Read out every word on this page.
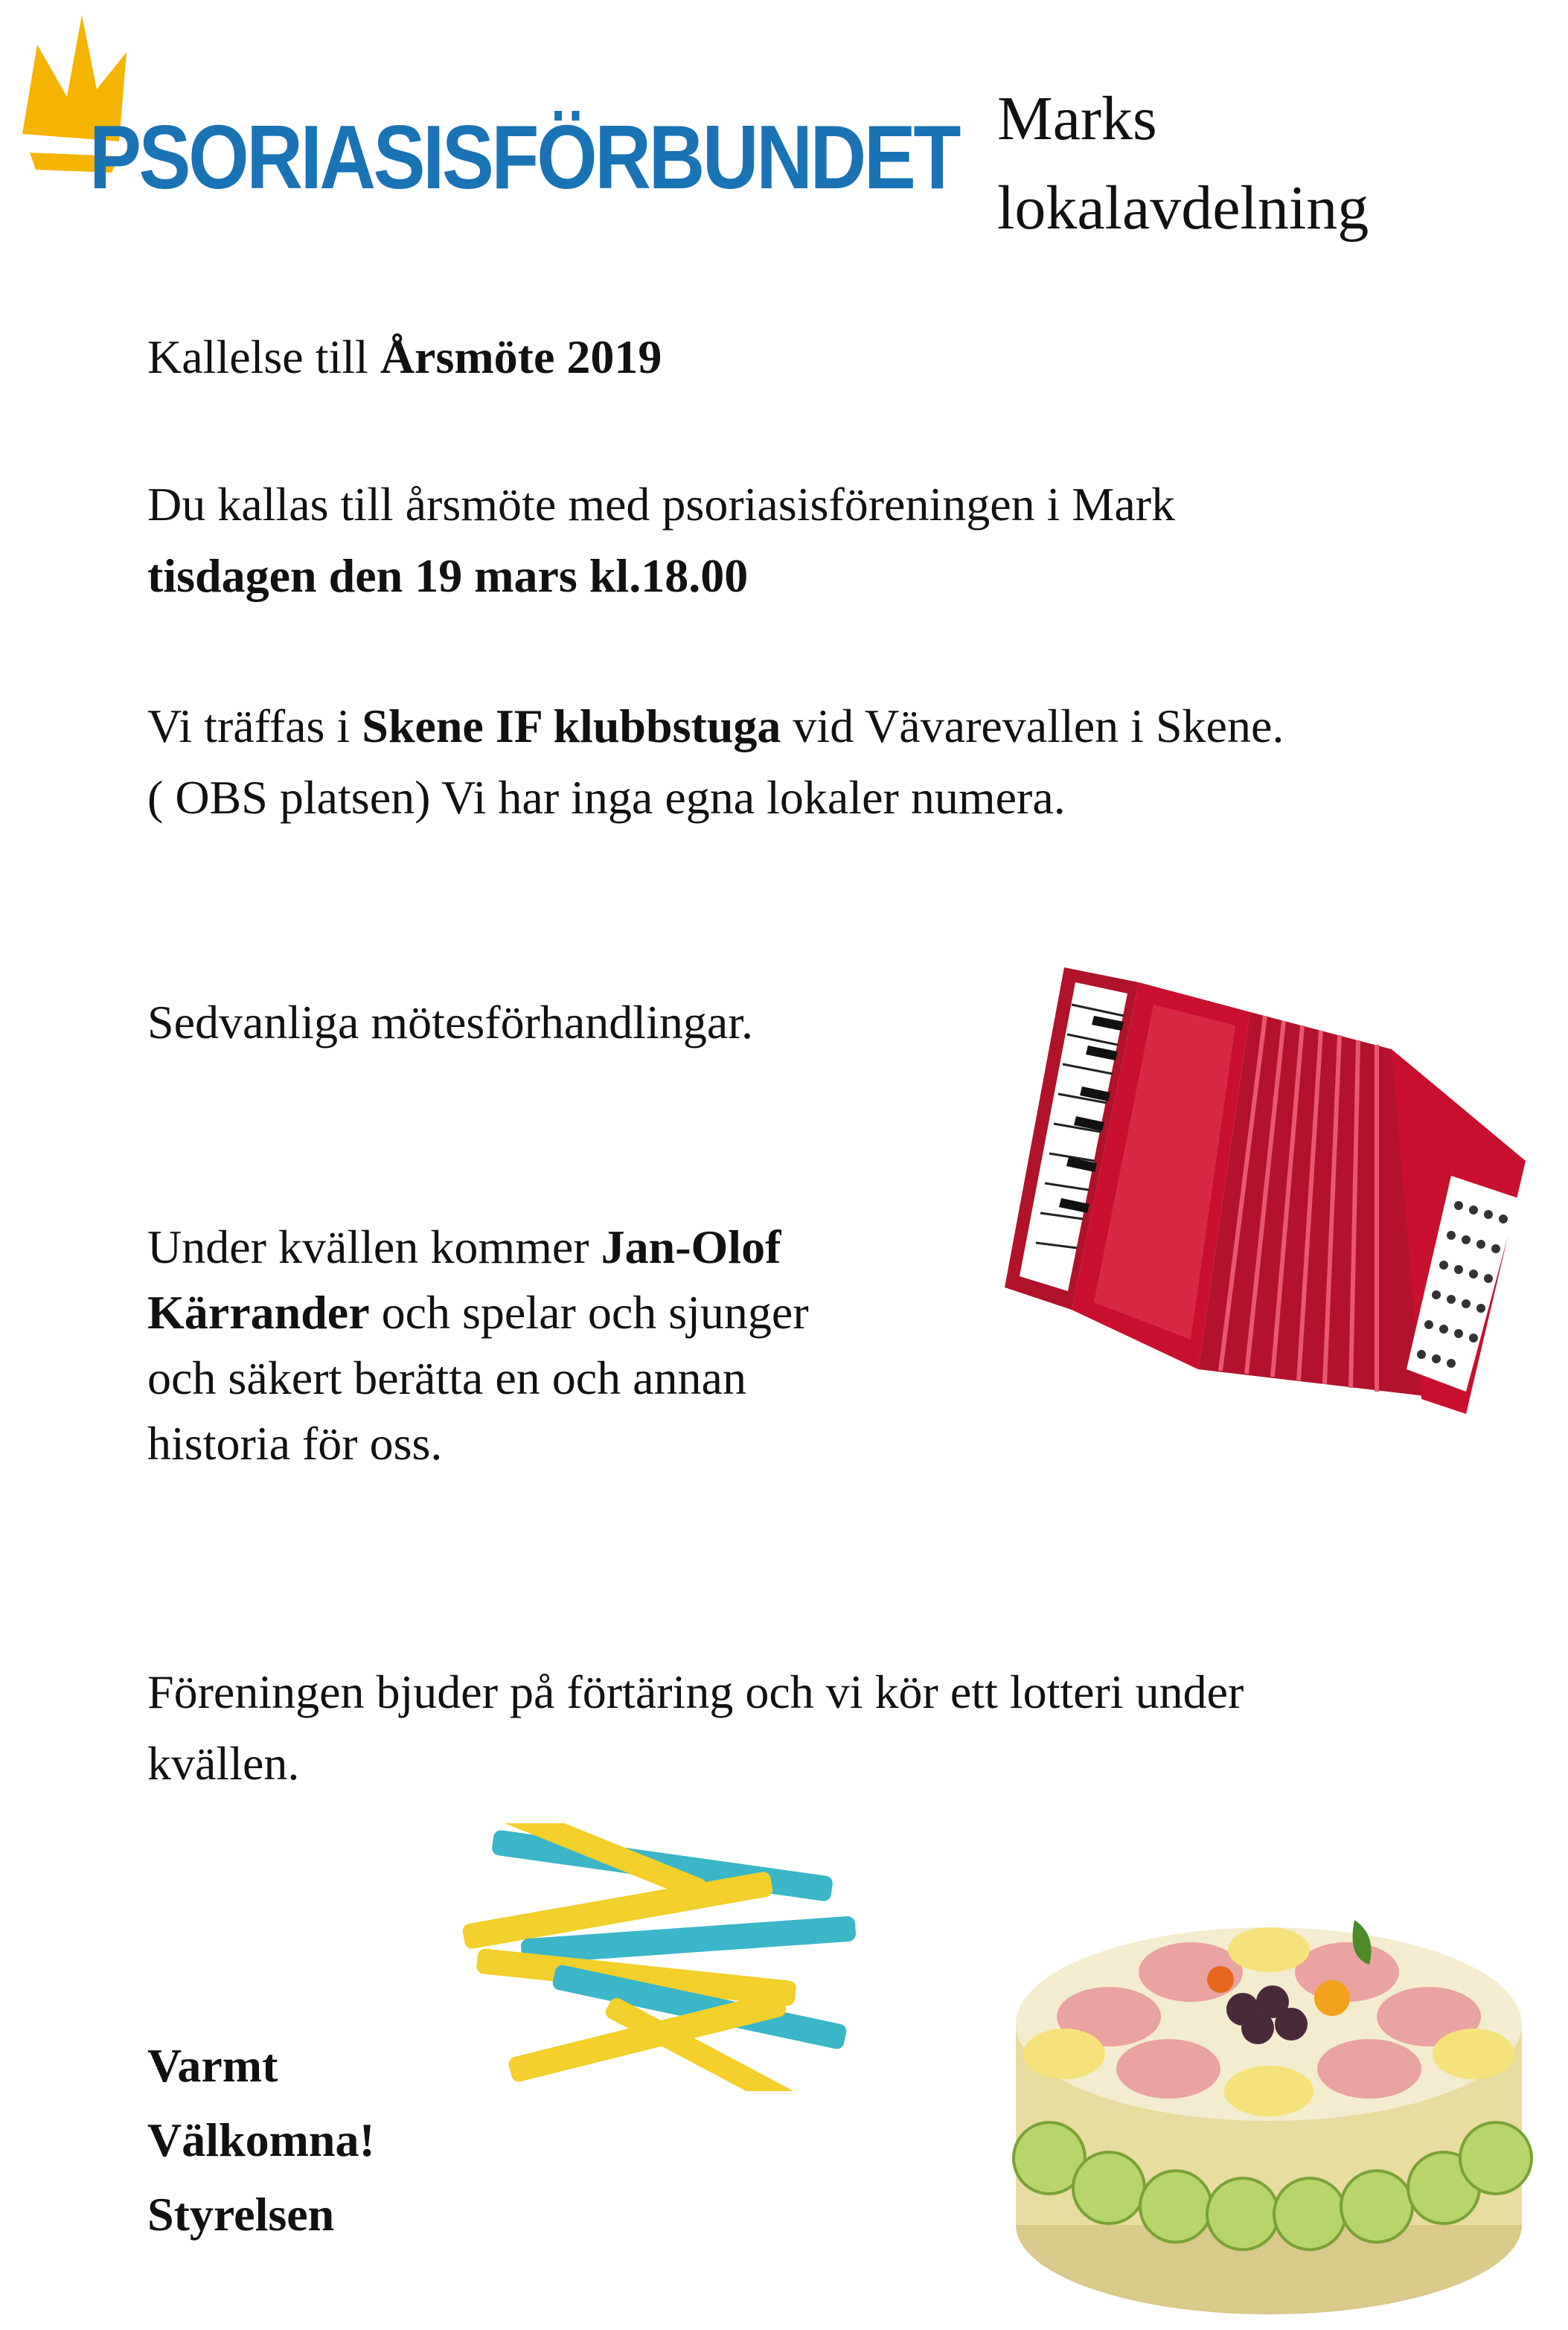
PSORIASISFÖRBUNDET Marks
lokalavdelning
Kallelse till Årsmöte 2019
Du kallas till årsmöte med psoriasisföreningen i Mark
tisdagen den 19 mars kl.18.00
Vi träffas i Skene IF klubbstuga vid Vävarevallen i Skene.
( OBS platsen) Vi har inga egna lokaler numera.
Sedvanliga mötesförhandlingar.
Under kvällen kommer Jan-Olof
Kärrander och spelar och sjunger
och säkert berätta en och annan
historia för oss.
Föreningen bjuder på förtäring och vi kör ett lotteri under
kvällen.
Varmt
Välkomna!
Styrelsen
